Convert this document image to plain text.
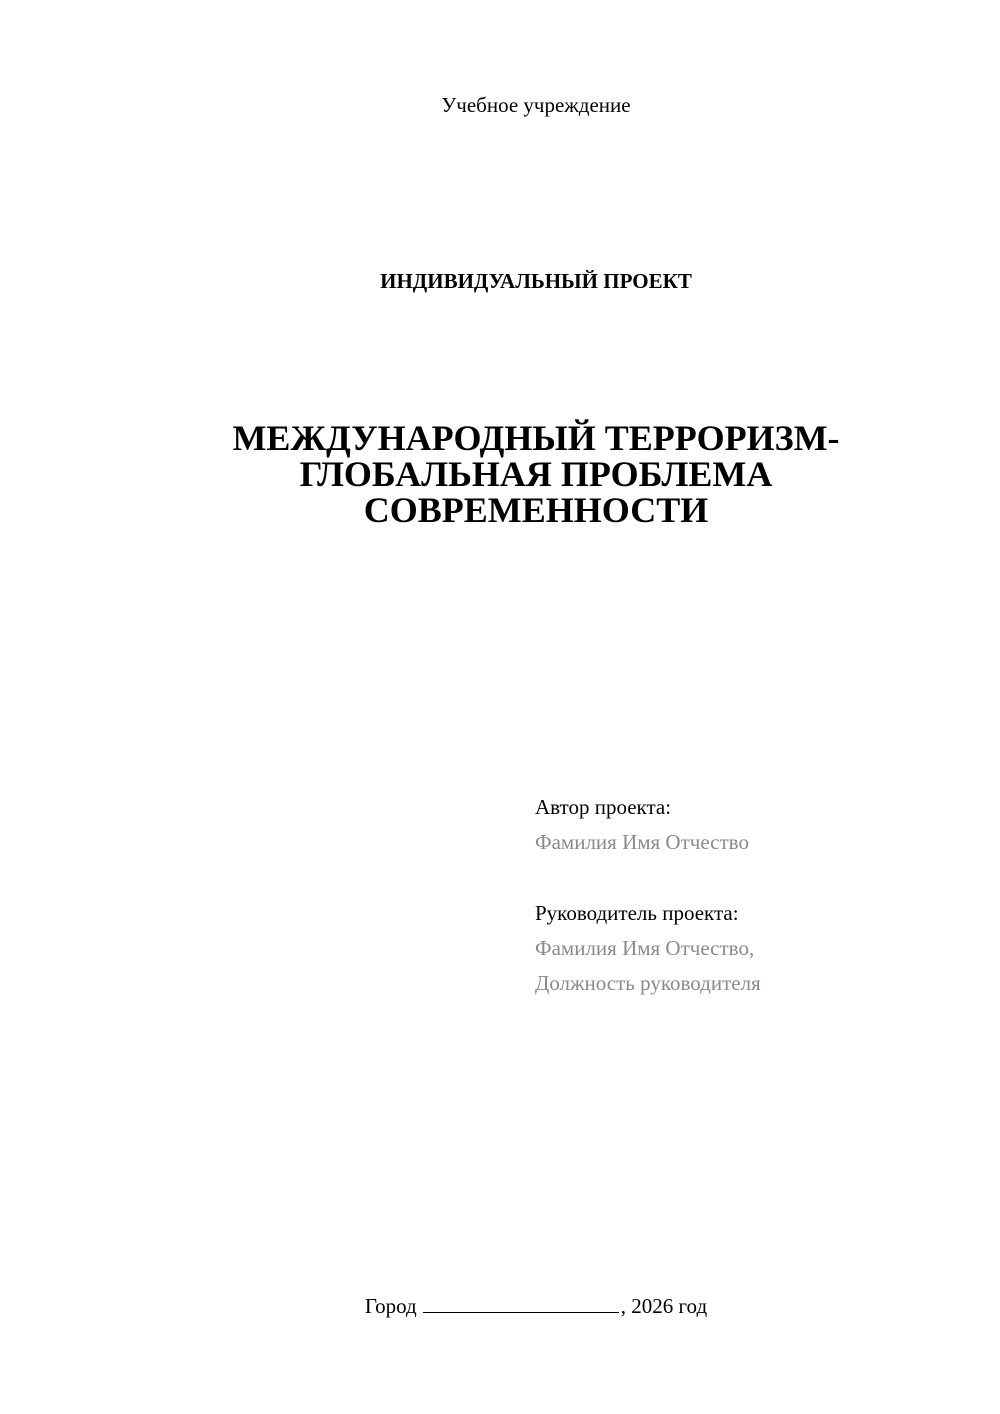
Учебное учреждение
ИНДИВИДУАЛЬНЫЙ ПРОЕКТ
МЕЖДУНАРОДНЫЙ ТЕРРОРИЗМ-
ГЛОБАЛЬНАЯ ПРОБЛЕМА
СОВРЕМЕННОСТИ
Автор проекта:
Фамилия Имя Отчество
Руководитель проекта:
Фамилия Имя Отчество,
Должность руководителя
Город	, 2026 год
